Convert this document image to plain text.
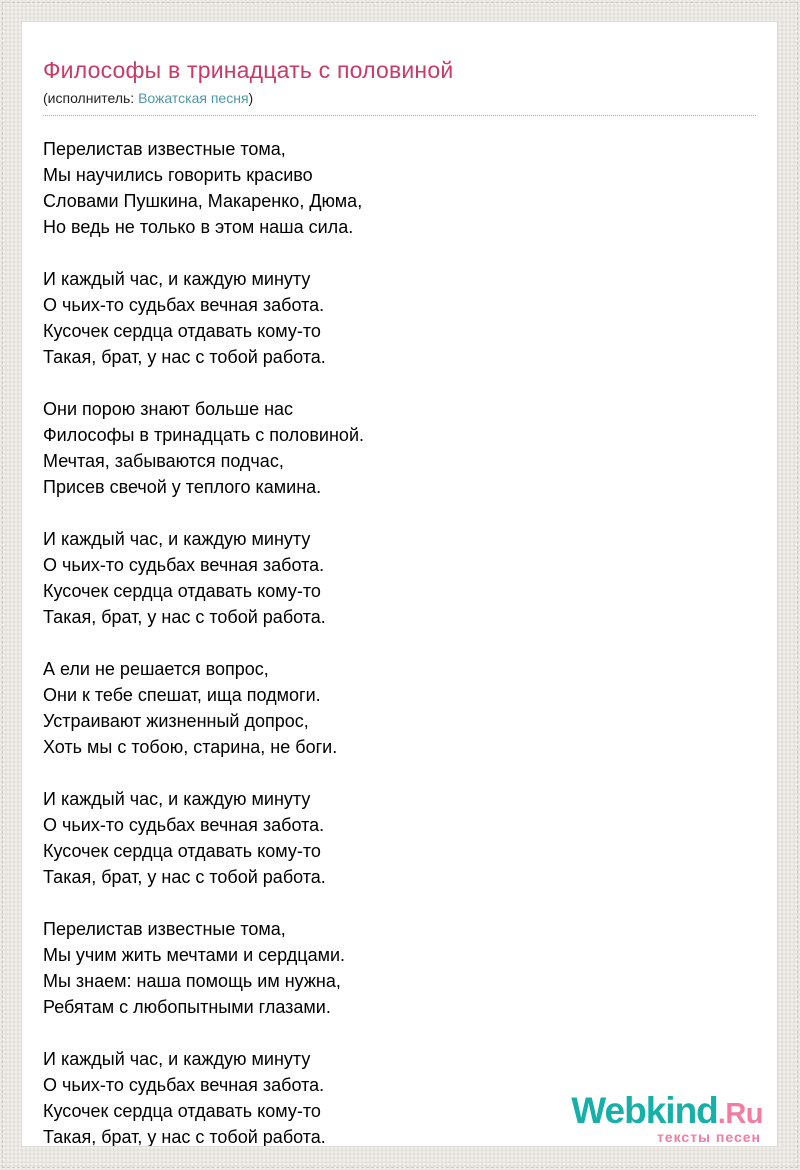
Философы в тринадцать с половиной
(исполнитель: Вожатская песня)

Перелистав известные тома,
Мы научились говорить красиво
Словами Пушкина, Макаренко, Дюма,
Но ведь не только в этом наша сила.

И каждый час, и каждую минуту
О чьих-то судьбах вечная забота.
Кусочек сердца отдавать кому-то
Такая, брат, у нас с тобой работа.

Они порою знают больше нас
Философы в тринадцать с половиной.
Мечтая, забываются подчас,
Присев свечой у теплого камина.

И каждый час, и каждую минуту
О чьих-то судьбах вечная забота.
Кусочек сердца отдавать кому-то
Такая, брат, у нас с тобой работа.

А ели не решается вопрос,
Они к тебе спешат, ища подмоги.
Устраивают жизненный допрос,
Хоть мы с тобою, старина, не боги.

И каждый час, и каждую минуту
О чьих-то судьбах вечная забота.
Кусочек сердца отдавать кому-то
Такая, брат, у нас с тобой работа.

Перелистав известные тома,
Мы учим жить мечтами и сердцами.
Мы знаем: наша помощь им нужна,
Ребятам с любопытными глазами.

И каждый час, и каждую минуту
О чьих-то судьбах вечная забота.
Кусочек сердца отдавать кому-то
Такая, брат, у нас с тобой работа.

Webkind.Ru
тексты песен
